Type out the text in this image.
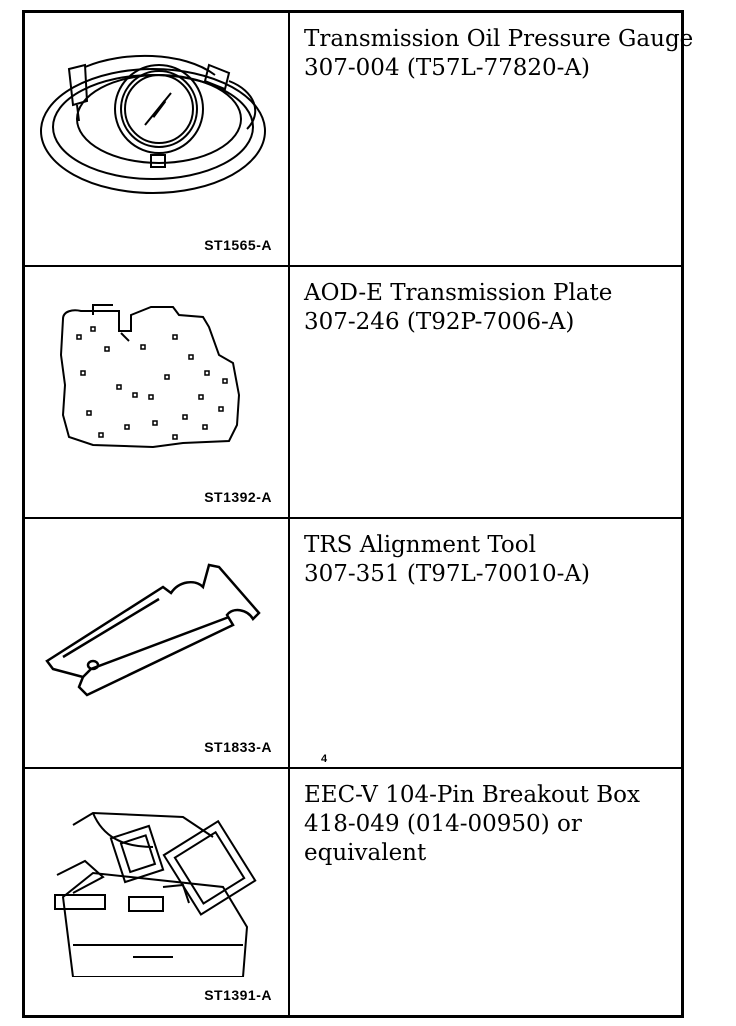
ST1565-A
Transmission Oil Pressure Gauge
307-004 (T57L-77820-A)
ST1392-A
AOD-E Transmission Plate
307-246 (T92P-7006-A)
ST1833-A
TRS Alignment Tool
307-351 (T97L-70010-A)
4
ST1391-A
EEC-V 104-Pin Breakout Box
418-049 (014-00950) or
equivalent
